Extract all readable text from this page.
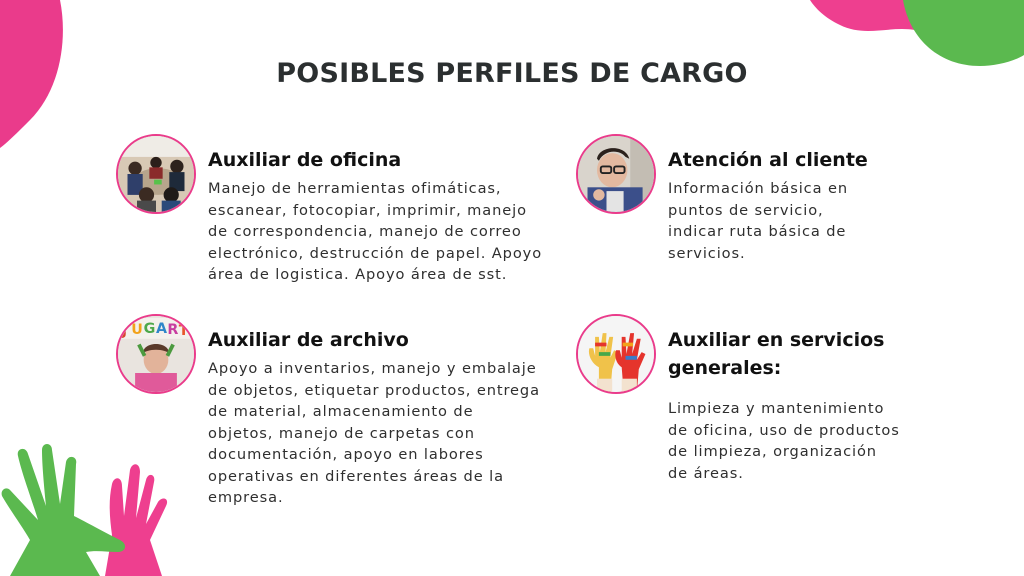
POSIBLES PERFILES DE CARGO
Auxiliar de oficina

Manejo de herramientas ofimáticas, escanear, fotocopiar, imprimir, manejo de correspondencia, manejo de correo electrónico, destrucción de papel. Apoyo área de logistica. Apoyo área de sst.

Atención al cliente

Información básica en puntos de servicio, indicar ruta básica de servicios.

J U G A R T Auxiliar de archivo

Apoyo a inventarios, manejo y embalaje de objetos, etiquetar productos, entrega de material, almacenamiento de objetos, manejo de carpetas con documentación, apoyo en labores operativas en diferentes áreas de la empresa.

Auxiliar en servicios generales:

Limpieza y mantenimiento de oficina, uso de productos de limpieza, organización de áreas.
